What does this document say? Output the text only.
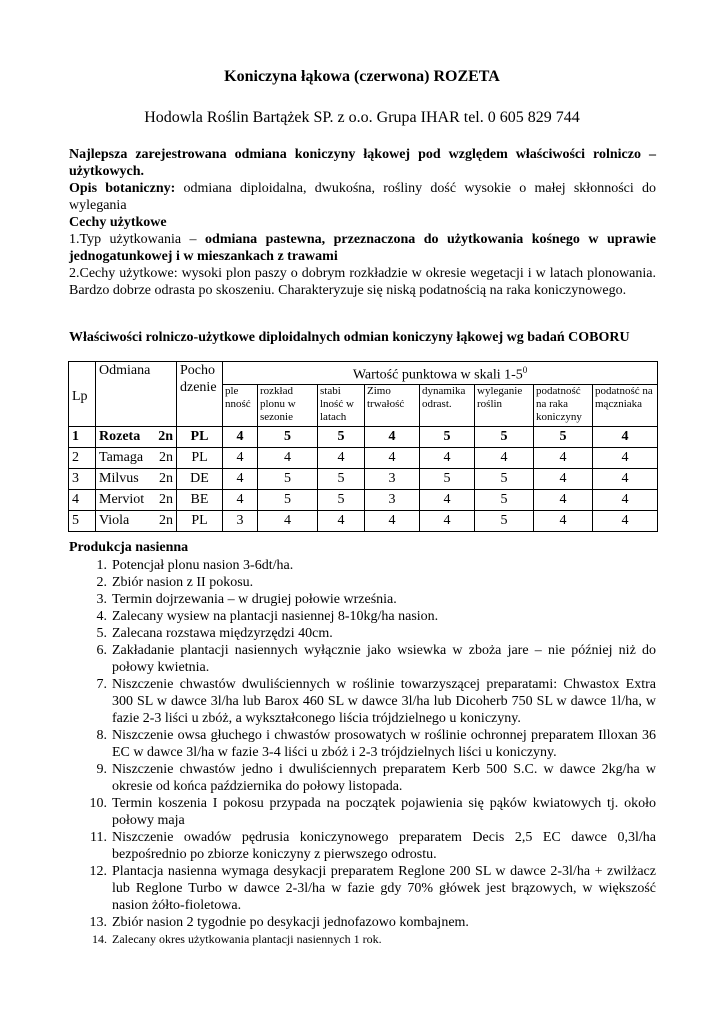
Koniczyna łąkowa (czerwona) ROZETA
Hodowla Roślin Bartążek SP. z o.o. Grupa IHAR tel. 0 605 829 744

Najlepsza zarejestrowana odmiana koniczyny łąkowej pod względem właściwości rolniczo – użytkowych.

Opis botaniczny: odmiana diploidalna, dwukośna, rośliny dość wysokie o małej skłonności do wylegania

Cechy użytkowe

1.Typ użytkowania – odmiana pastewna, przeznaczona do użytkowania kośnego w uprawie jednogatunkowej i w mieszankach z trawami

2.Cechy użytkowe: wysoki plon paszy o dobrym rozkładzie w okresie wegetacji i w latach plonowania. Bardzo dobrze odrasta po skoszeniu. Charakteryzuje się niską podatnością na raka koniczynowego.

Właściwości rolniczo-użytkowe diploidalnych odmian koniczyny łąkowej wg badań COBORU
Lp	Odmiana	Pocho dzenie	Wartość punktowa w skali $1-5^0$
			ple nność	rozkład plonu w sezonie	stabi lność w latach	Zimo trwałość	dynamika odrast.	wyleganie roślin	podatność na raka koniczyny	podatność na mączniaka
1	Rozeta 2n	PL	4	5	5	4	5	5	5	4
2	Tamaga 2n	PL	4	4	4	4	4	4	4	4
3	Milvus 2n	DE	4	5	5	3	5	5	4	4
4	Merviot 2n	BE	4	5	5	3	4	5	4	4
5	Viola 2n	PL	3	4	4	4	4	5	4	4
Produkcja nasienna
1. Potencjał plonu nasion 3-6dt/ha.
2. Zbiór nasion z II pokosu.
3. Termin dojrzewania – w drugiej połowie września.
4. Zalecany wysiew na plantacji nasiennej 8-10kg/ha nasion.
5. Zalecana rozstawa międzyrzędzi 40cm.
6. Zakładanie plantacji nasiennych wyłącznie jako wsiewka w zboża jare – nie później niż do połowy kwietnia.
7. Niszczenie chwastów dwuliściennych w roślinie towarzyszącej preparatami: Chwastox Extra 300 SL w dawce 3l/ha lub Barox 460 SL w dawce 3l/ha lub Dicoherb 750 SL w dawce 1l/ha, w fazie 2-3 liści u zbóż, a wykształconego liścia trójdzielnego u koniczyny.
8. Niszczenie owsa głuchego i chwastów prosowatych w roślinie ochronnej preparatem Illoxan 36 EC w dawce 3l/ha w fazie 3-4 liści u zbóż i 2-3 trójdzielnych liści u koniczyny.
9. Niszczenie chwastów jedno i dwuliściennych preparatem Kerb 500 S.C. w dawce 2kg/ha w okresie od końca października do połowy listopada.
10. Termin koszenia I pokosu przypada na początek pojawienia się pąków kwiatowych tj. około połowy maja
11. Niszczenie owadów pędrusia koniczynowego preparatem Decis 2,5 EC dawce 0,3l/ha bezpośrednio po zbiorze koniczyny z pierwszego odrostu.
12. Plantacja nasienna wymaga desykacji preparatem Reglone 200 SL w dawce 2-3l/ha + zwilżacz lub Reglone Turbo w dawce 2-3l/ha w fazie gdy 70% główek jest brązowych, w większość nasion żółto-fioletowa.
13. Zbiór nasion 2 tygodnie po desykacji jednofazowo kombajnem.
14. Zalecany okres użytkowania plantacji nasiennych 1 rok.
